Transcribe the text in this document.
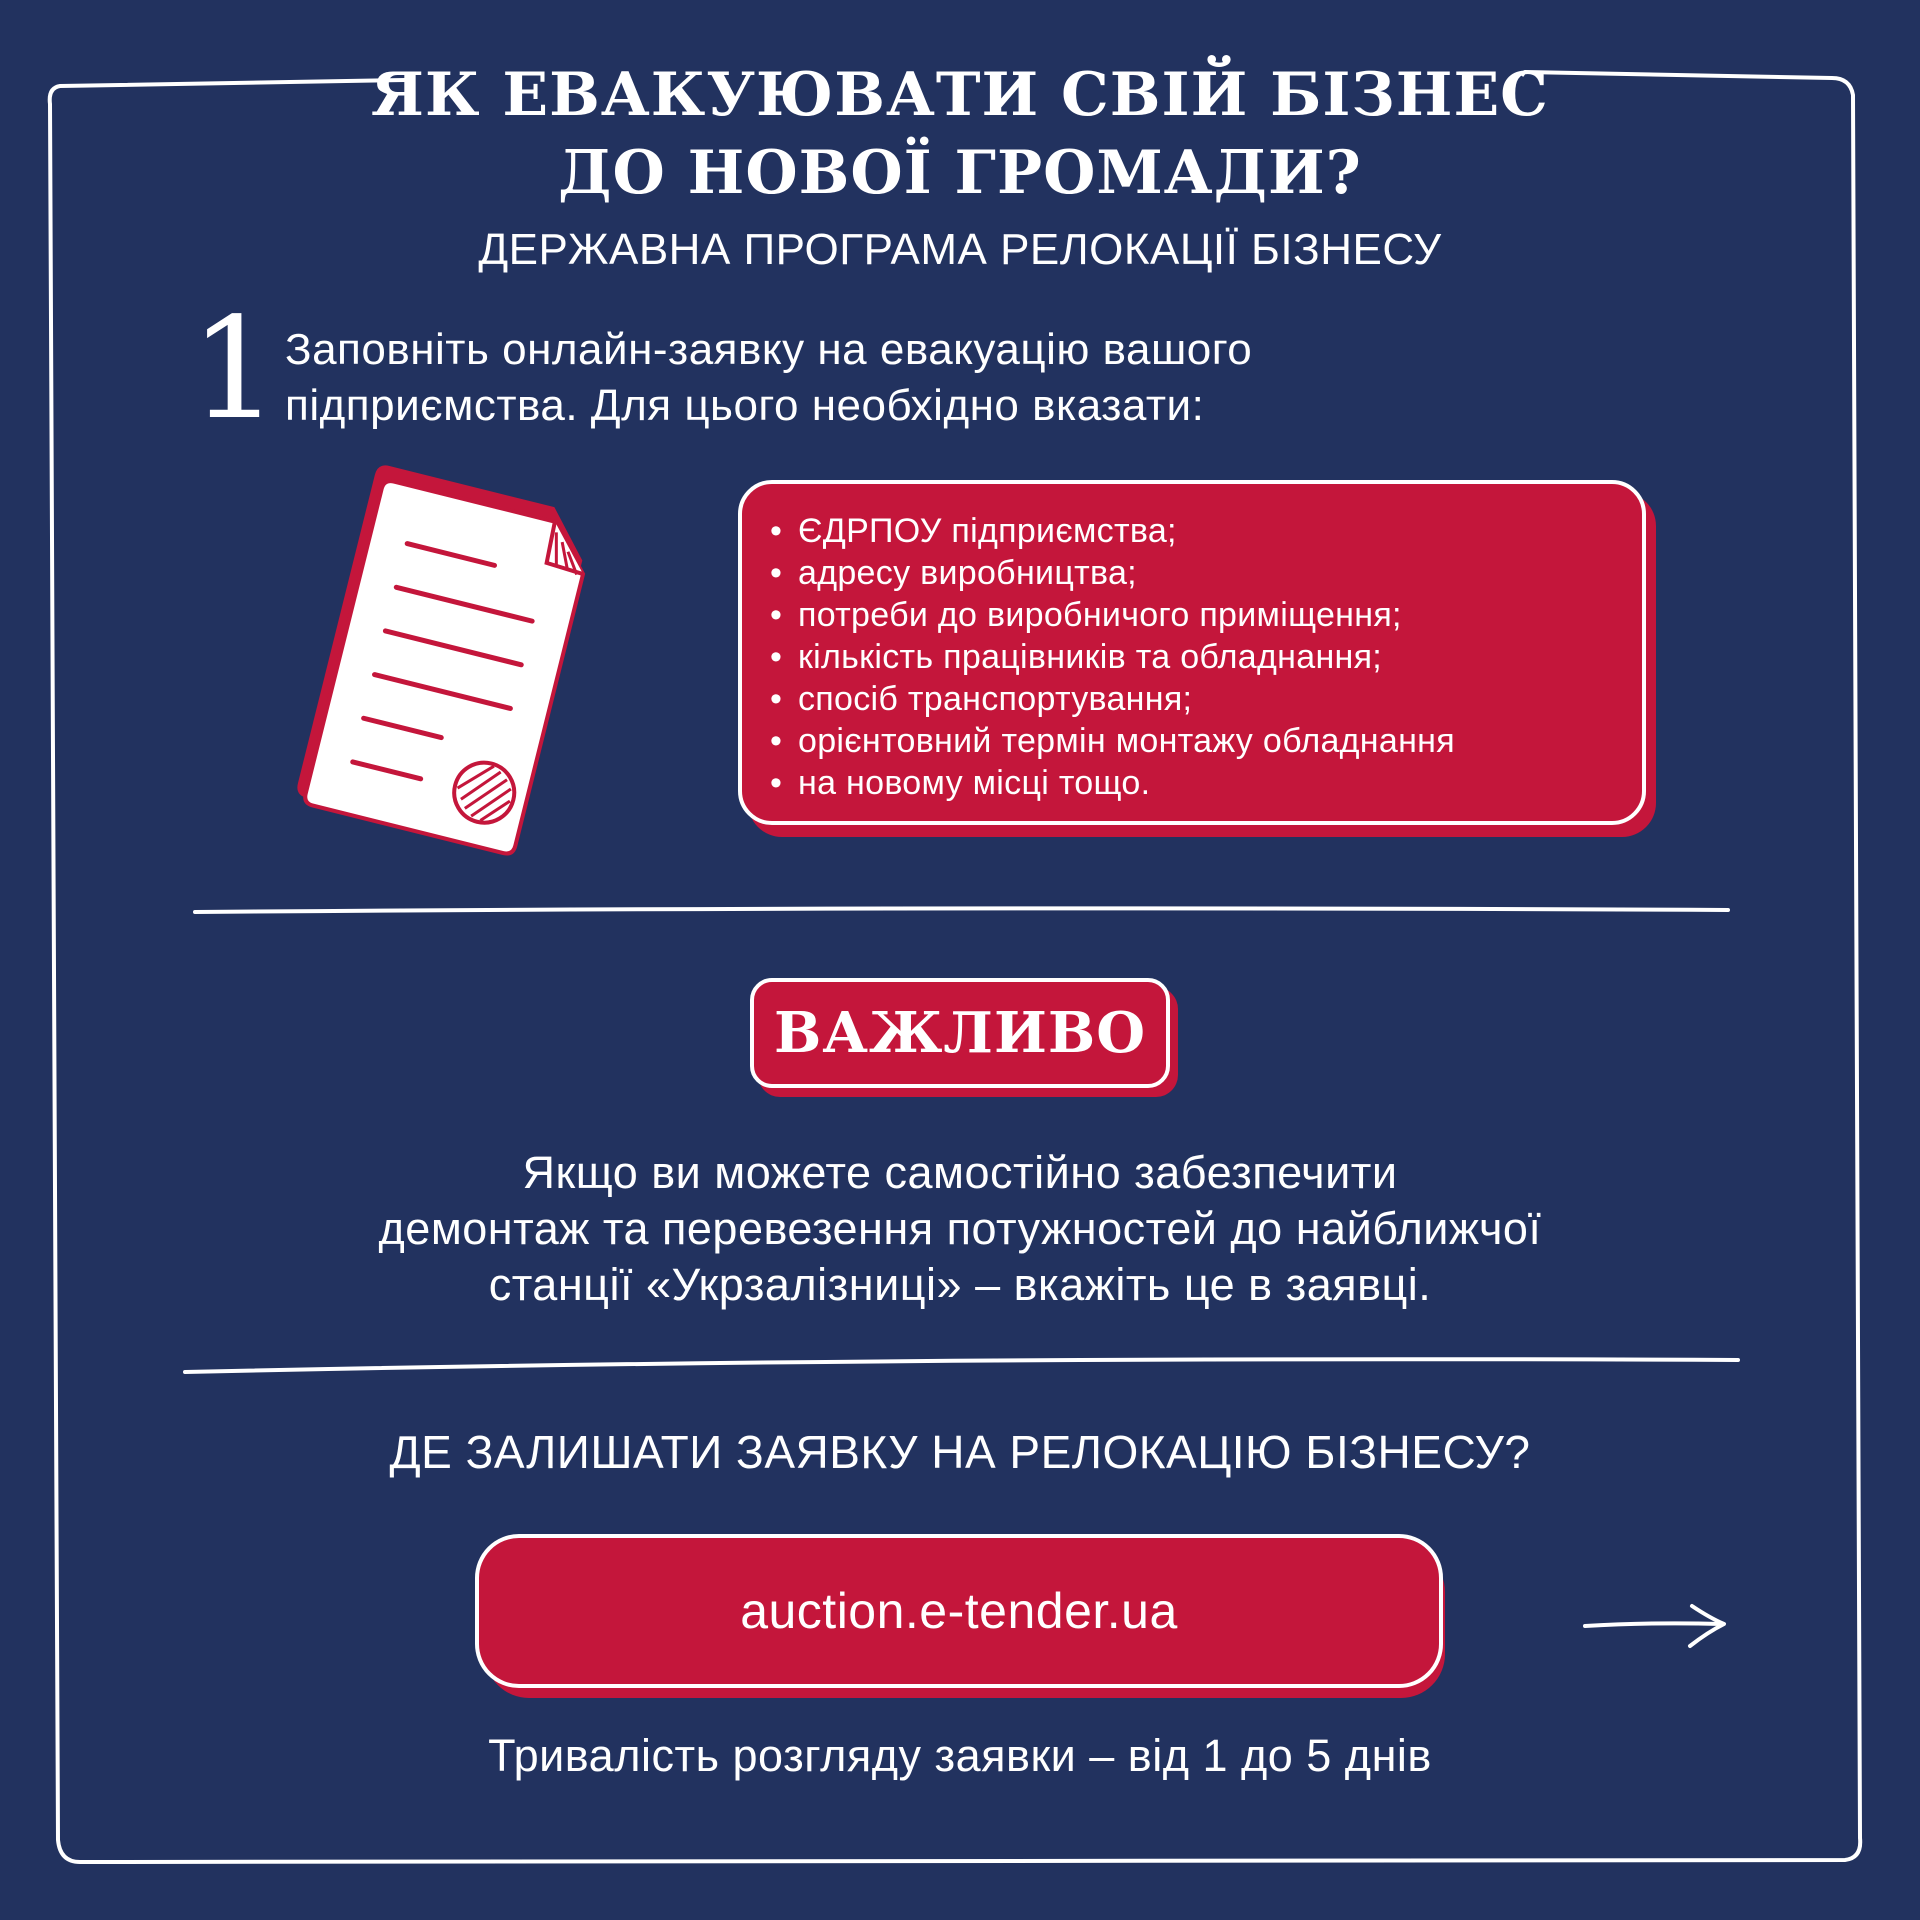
ЯК ЕВАКУЮВАТИ СВІЙ БІЗНЕС
ДО НОВОЇ ГРОМАДИ?
ДЕРЖАВНА ПРОГРАМА РЕЛОКАЦІЇ БІЗНЕСУ
1 Заповніть онлайн-заявку на евакуацію вашого
підприємства. Для цього необхідно вказати:

• ЄДРПОУ підприємства;
• адресу виробництва;
• потреби до виробничого приміщення;
• кількість працівників та обладнання;
• спосіб транспортування;
• орієнтовний термін монтажу обладнання
• на новому місці тощо.
ВАЖЛИВО

Якщо ви можете самостійно забезпечити
демонтаж та перевезення потужностей до найближчої
станції «Укрзалізниці» – вкажіть це в заявці.

ДЕ ЗАЛИШАТИ ЗАЯВКУ НА РЕЛОКАЦІЮ БІЗНЕСУ?
auction.e-tender.ua
Тривалість розгляду заявки – від 1 до 5 днів
